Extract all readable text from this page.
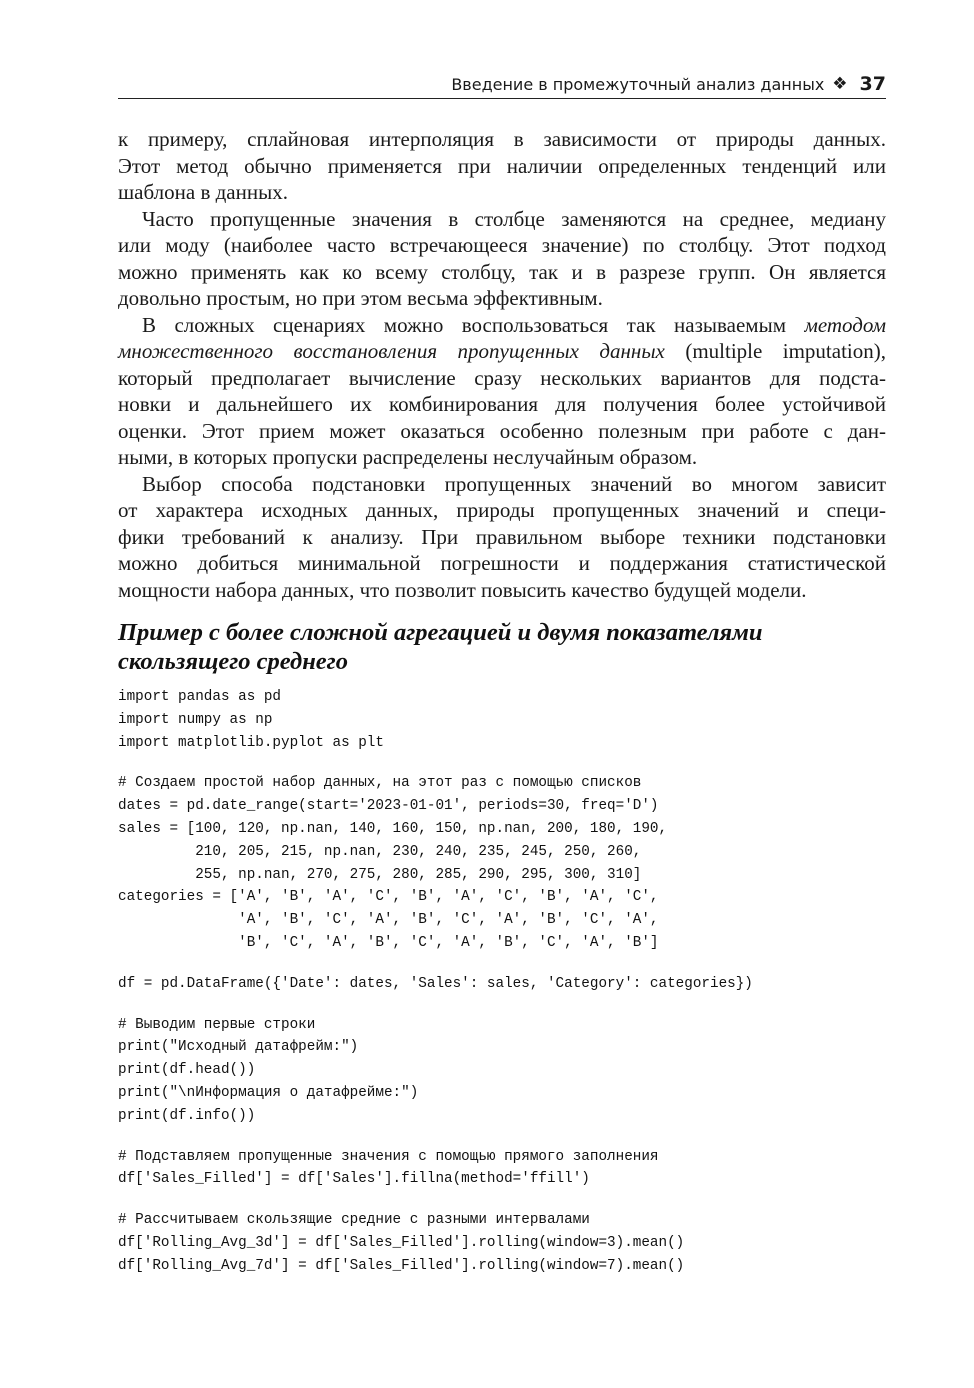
Введение в промежуточный анализ данных ❖ 37
к примеру, сплайновая интерполяция в зависимости от природы данных.
Этот метод обычно применяется при наличии определенных тенденций или
шаблона в данных.
Часто пропущенные значения в столбце заменяются на среднее, медиану
или моду (наиболее часто встречающееся значение) по столбцу. Этот подход
можно применять как ко всему столбцу, так и в разрезе групп. Он является
довольно простым, но при этом весьма эффективным.
В сложных сценариях можно воспользоваться так называемым методом
множественного восстановления пропущенных данных (multiple imputation),
который предполагает вычисление сразу нескольких вариантов для подста-
новки и дальнейшего их комбинирования для получения более устойчивой
оценки. Этот прием может оказаться особенно полезным при работе с дан-
ными, в которых пропуски распределены неслучайным образом.
Выбор способа подстановки пропущенных значений во многом зависит
от характера исходных данных, природы пропущенных значений и специ-
фики требований к анализу. При правильном выборе техники подстановки
можно добиться минимальной погрешности и поддержания статистической
мощности набора данных, что позволит повысить качество будущей модели.
Пример с более сложной агрегацией и двумя показателями
скользящего среднего
import pandas as pd
import numpy as np
import matplotlib.pyplot as plt
# Создаем простой набор данных, на этот раз с помощью списков
dates = pd.date_range(start='2023-01-01', periods=30, freq='D')
sales = [100, 120, np.nan, 140, 160, 150, np.nan, 200, 180, 190,
210, 205, 215, np.nan, 230, 240, 235, 245, 250, 260,
255, np.nan, 270, 275, 280, 285, 290, 295, 300, 310]
categories = ['A', 'B', 'A', 'C', 'B', 'A', 'C', 'B', 'A', 'C',
'A', 'B', 'C', 'A', 'B', 'C', 'A', 'B', 'C', 'A',
'B', 'C', 'A', 'B', 'C', 'A', 'B', 'C', 'A', 'B']
df = pd.DataFrame({'Date': dates, 'Sales': sales, 'Category': categories})
# Выводим первые строки
print("Исходный датафрейм:")
print(df.head())
print("\nИнформация о датафрейме:")
print(df.info())
# Подставляем пропущенные значения с помощью прямого заполнения
df['Sales_Filled'] = df['Sales'].fillna(method='ffill')
# Рассчитываем скользящие средние с разными интервалами
df['Rolling_Avg_3d'] = df['Sales_Filled'].rolling(window=3).mean()
df['Rolling_Avg_7d'] = df['Sales_Filled'].rolling(window=7).mean()
